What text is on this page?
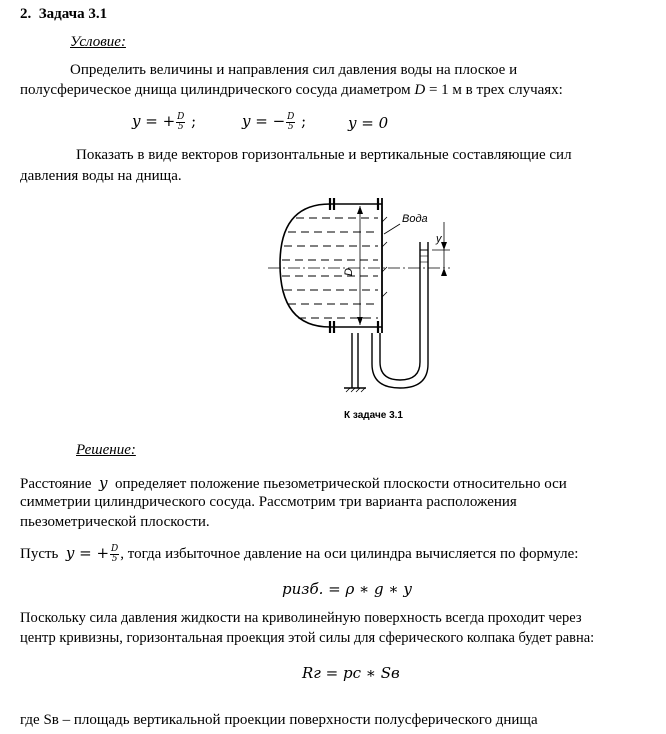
2. Задача 3.1
Условие:
Определить величины и направления сил давления воды на плоское и
полусферическое днища цилиндрического сосуда диаметром D = 1 м в трех случаях:
y = + $\frac{D}{5}$ ;	y = − $\frac{D}{5}$ ;	y = 0
Показать в виде векторов горизонтальные и вертикальные составляющие сил
давления воды на днища.
D
Вода
y
К задаче 3.1
Решение:
Расстояние y определяет положение пьезометрической плоскости относительно оси
симметрии цилиндрического сосуда. Рассмотрим три варианта расположения
пьезометрической плоскости.
Пусть y = + $\frac{D}{5}$ , тогда избыточное давление на оси цилиндра вычисляется по формуле:
pизб. = ρ ∗ g ∗ y
Поскольку сила давления жидкости на криволинейную поверхность всегда проходит через
центр кривизны, горизонтальная проекция этой силы для сферического колпака будет равна:
Rг = pc ∗ Sв
где Sв – площадь вертикальной проекции поверхности полусферического днища
